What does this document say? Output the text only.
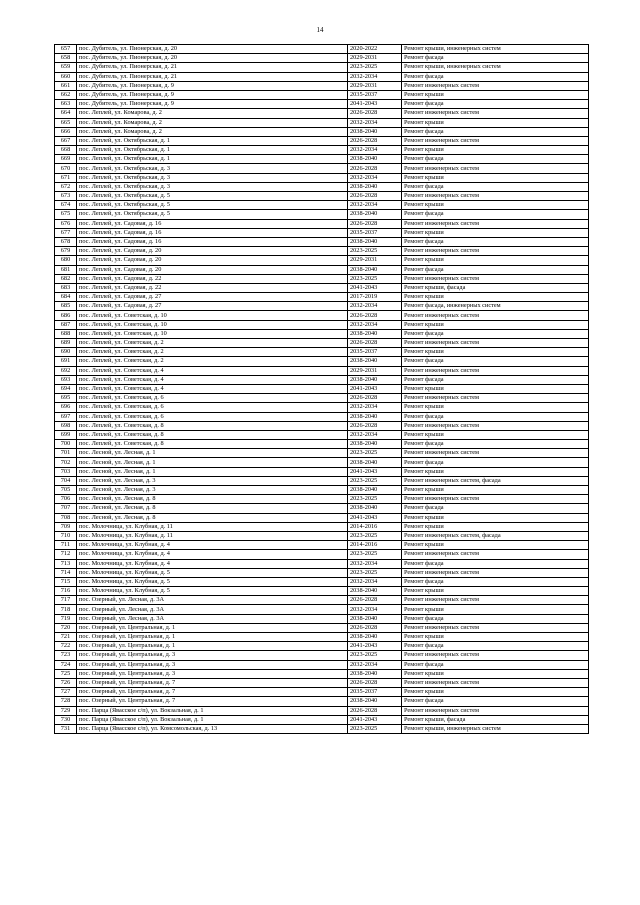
14
657	пос. Дубитель, ул. Пионерская, д. 20	2020-2022	Ремонт крыши, инженерных систем
658	пос. Дубитель, ул. Пионерская, д. 20	2029-2031	Ремонт фасада
659	пос. Дубитель, ул. Пионерская, д. 21	2023-2025	Ремонт крыши, инженерных систем
660	пос. Дубитель, ул. Пионерская, д. 21	2032-2034	Ремонт фасада
661	пос. Дубитель, ул. Пионерская, д. 9	2029-2031	Ремонт инженерных систем
662	пос. Дубитель, ул. Пионерская, д. 9	2035-2037	Ремонт крыши
663	пос. Дубитель, ул. Пионерская, д. 9	2041-2043	Ремонт фасада
664	пос. Леплей, ул. Комарова, д. 2	2026-2028	Ремонт инженерных систем
665	пос. Леплей, ул. Комарова, д. 2	2032-2034	Ремонт крыши
666	пос. Леплей, ул. Комарова, д. 2	2038-2040	Ремонт фасада
667	пос. Леплей, ул. Октябрьская, д. 1	2026-2028	Ремонт инженерных систем
668	пос. Леплей, ул. Октябрьская, д. 1	2032-2034	Ремонт крыши
669	пос. Леплей, ул. Октябрьская, д. 1	2038-2040	Ремонт фасада
670	пос. Леплей, ул. Октябрьская, д. 3	2026-2028	Ремонт инженерных систем
671	пос. Леплей, ул. Октябрьская, д. 3	2032-2034	Ремонт крыши
672	пос. Леплей, ул. Октябрьская, д. 3	2038-2040	Ремонт фасада
673	пос. Леплей, ул. Октябрьская, д. 5	2026-2028	Ремонт инженерных систем
674	пос. Леплей, ул. Октябрьская, д. 5	2032-2034	Ремонт крыши
675	пос. Леплей, ул. Октябрьская, д. 5	2038-2040	Ремонт фасада
676	пос. Леплей, ул. Садовая, д. 16	2026-2028	Ремонт инженерных систем
677	пос. Леплей, ул. Садовая, д. 16	2035-2037	Ремонт крыши
678	пос. Леплей, ул. Садовая, д. 16	2038-2040	Ремонт фасада
679	пос. Леплей, ул. Садовая, д. 20	2023-2025	Ремонт инженерных систем
680	пос. Леплей, ул. Садовая, д. 20	2029-2031	Ремонт крыши
681	пос. Леплей, ул. Садовая, д. 20	2038-2040	Ремонт фасада
682	пос. Леплей, ул. Садовая, д. 22	2023-2025	Ремонт инженерных систем
683	пос. Леплей, ул. Садовая, д. 22	2041-2043	Ремонт крыши, фасада
684	пос. Леплей, ул. Садовая, д. 27	2017-2019	Ремонт крыши
685	пос. Леплей, ул. Садовая, д. 27	2032-2034	Ремонт фасада, инженерных систем
686	пос. Леплей, ул. Советская, д. 10	2026-2028	Ремонт инженерных систем
687	пос. Леплей, ул. Советская, д. 10	2032-2034	Ремонт крыши
688	пос. Леплей, ул. Советская, д. 10	2038-2040	Ремонт фасада
689	пос. Леплей, ул. Советская, д. 2	2026-2028	Ремонт инженерных систем
690	пос. Леплей, ул. Советская, д. 2	2035-2037	Ремонт крыши
691	пос. Леплей, ул. Советская, д. 2	2038-2040	Ремонт фасада
692	пос. Леплей, ул. Советская, д. 4	2029-2031	Ремонт инженерных систем
693	пос. Леплей, ул. Советская, д. 4	2038-2040	Ремонт фасада
694	пос. Леплей, ул. Советская, д. 4	2041-2043	Ремонт крыши
695	пос. Леплей, ул. Советская, д. 6	2026-2028	Ремонт инженерных систем
696	пос. Леплей, ул. Советская, д. 6	2032-2034	Ремонт крыши
697	пос. Леплей, ул. Советская, д. 6	2038-2040	Ремонт фасада
698	пос. Леплей, ул. Советская, д. 8	2026-2028	Ремонт инженерных систем
699	пос. Леплей, ул. Советская, д. 8	2032-2034	Ремонт крыши
700	пос. Леплей, ул. Советская, д. 8	2038-2040	Ремонт фасада
701	пос. Лесной, ул. Лесная, д. 1	2023-2025	Ремонт инженерных систем
702	пос. Лесной, ул. Лесная, д. 1	2038-2040	Ремонт фасада
703	пос. Лесной, ул. Лесная, д. 1	2041-2043	Ремонт крыши
704	пос. Лесной, ул. Лесная, д. 3	2023-2025	Ремонт инженерных систем, фасада
705	пос. Лесной, ул. Лесная, д. 3	2038-2040	Ремонт крыши
706	пос. Лесной, ул. Лесная, д. 8	2023-2025	Ремонт инженерных систем
707	пос. Лесной, ул. Лесная, д. 8	2038-2040	Ремонт фасада
708	пос. Лесной, ул. Лесная, д. 8	2041-2043	Ремонт крыши
709	пос. Молочница, ул. Клубная, д. 11	2014-2016	Ремонт крыши
710	пос. Молочница, ул. Клубная, д. 11	2023-2025	Ремонт инженерных систем, фасада
711	пос. Молочница, ул. Клубная, д. 4	2014-2016	Ремонт крыши
712	пос. Молочница, ул. Клубная, д. 4	2023-2025	Ремонт инженерных систем
713	пос. Молочница, ул. Клубная, д. 4	2032-2034	Ремонт фасада
714	пос. Молочница, ул. Клубная, д. 5	2023-2025	Ремонт инженерных систем
715	пос. Молочница, ул. Клубная, д. 5	2032-2034	Ремонт фасада
716	пос. Молочница, ул. Клубная, д. 5	2038-2040	Ремонт крыши
717	пос. Озерный, ул. Лесная, д. 3А	2026-2028	Ремонт инженерных систем
718	пос. Озерный, ул. Лесная, д. 3А	2032-2034	Ремонт крыши
719	пос. Озерный, ул. Лесная, д. 3А	2038-2040	Ремонт фасада
720	пос. Озерный, ул. Центральная, д. 1	2026-2028	Ремонт инженерных систем
721	пос. Озерный, ул. Центральная, д. 1	2038-2040	Ремонт крыши
722	пос. Озерный, ул. Центральная, д. 1	2041-2043	Ремонт фасада
723	пос. Озерный, ул. Центральная, д. 3	2023-2025	Ремонт инженерных систем
724	пос. Озерный, ул. Центральная, д. 3	2032-2034	Ремонт фасада
725	пос. Озерный, ул. Центральная, д. 3	2038-2040	Ремонт крыши
726	пос. Озерный, ул. Центральная, д. 7	2026-2028	Ремонт инженерных систем
727	пос. Озерный, ул. Центральная, д. 7	2035-2037	Ремонт крыши
728	пос. Озерный, ул. Центральная, д. 7	2038-2040	Ремонт фасада
729	пос. Парца (Явасское с/п), ул. Вокзальная, д. 1	2026-2028	Ремонт инженерных систем
730	пос. Парца (Явасское с/п), ул. Вокзальная, д. 1	2041-2043	Ремонт крыши, фасада
731	пос. Парца (Явасское с/п), ул. Комсомольская, д. 13	2023-2025	Ремонт крыши, инженерных систем
